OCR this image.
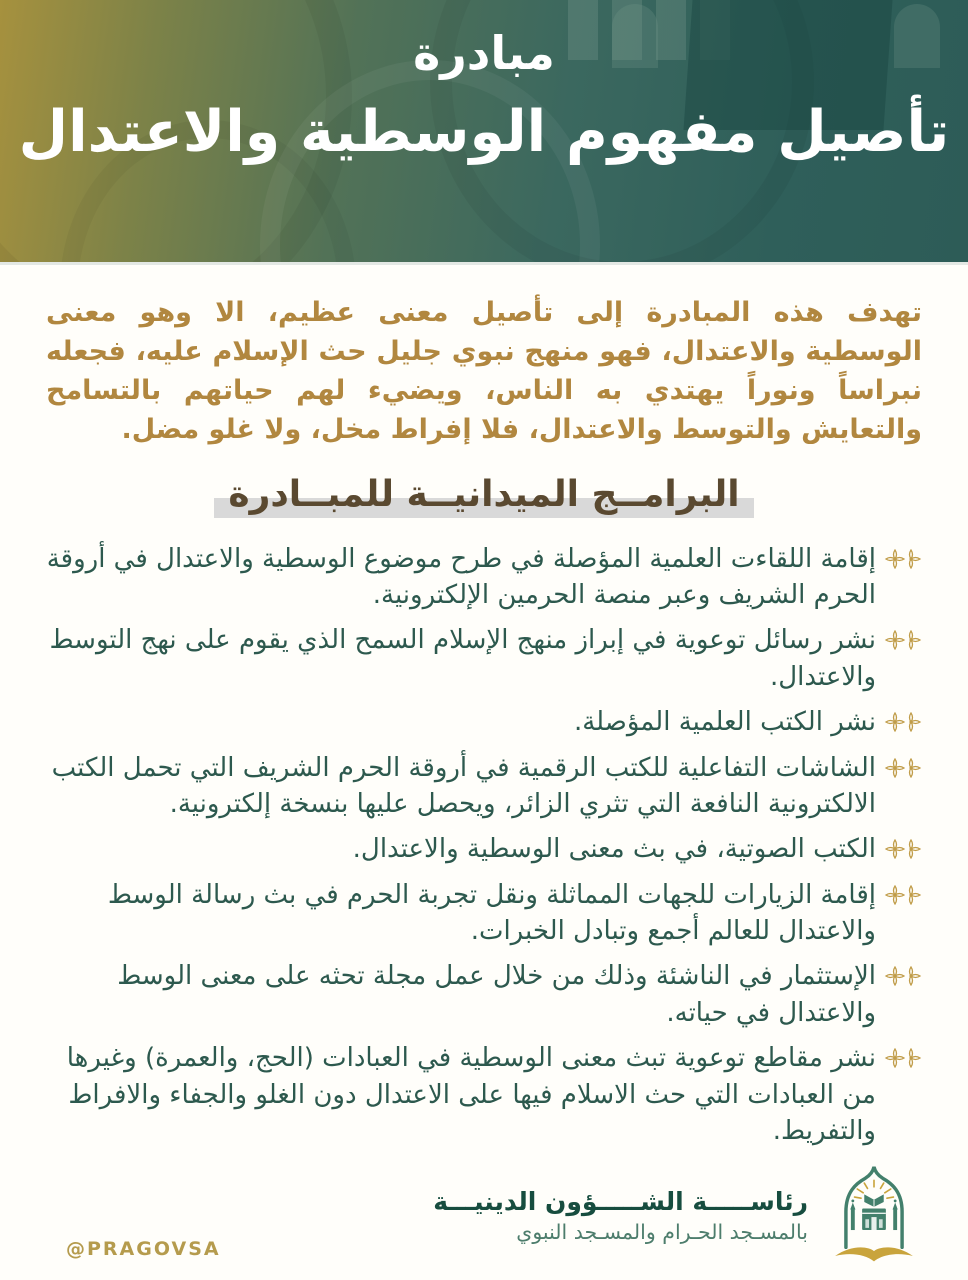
مبادرة
تأصيل مفهوم الوسطية والاعتدال

تهدف هذه المبادرة إلى تأصيل معنى عظيم، الا وهو معنى الوسطية والاعتدال، فهو منهج نبوي جليل حث الإسلام عليه، فجعله نبراساً ونوراً يهتدي به الناس، ويضيء لهم حياتهم بالتسامح والتعايش والتوسط والاعتدال، فلا إفراط مخل، ولا غلو مضل.

البرامــج الميدانيــة للمبــادرة
إقامة اللقاءت العلمية المؤصلة في طرح موضوع الوسطية والاعتدال في أروقة الحرم الشريف وعبر منصة الحرمين الإلكترونية.
نشر رسائل توعوية في إبراز منهج الإسلام السمح الذي يقوم على نهج التوسط والاعتدال.
نشر الكتب العلمية المؤصلة.
الشاشات التفاعلية للكتب الرقمية في أروقة الحرم الشريف التي تحمل الكتب الالكترونية النافعة التي تثري الزائر، ويحصل عليها بنسخة إلكترونية.
الكتب الصوتية، في بث معنى الوسطية والاعتدال.
إقامة الزيارات للجهات المماثلة ونقل تجربة الحرم في بث رسالة الوسط والاعتدال للعالم أجمع وتبادل الخبرات.
الإستثمار في الناشئة وذلك من خلال عمل مجلة تحثه على معنى الوسط والاعتدال في حياته.
نشر مقاطع توعوية تبث معنى الوسطية في العبادات (الحج، والعمرة) وغيرها من العبادات التي حث الاسلام فيها على الاعتدال دون الغلو والجفاء والافراط والتفريط.
@PRAGOVSA
رئاســـــة الشـــــؤون الدينيـــة
بالمسـجد الحـرام والمسـجد النبوي
